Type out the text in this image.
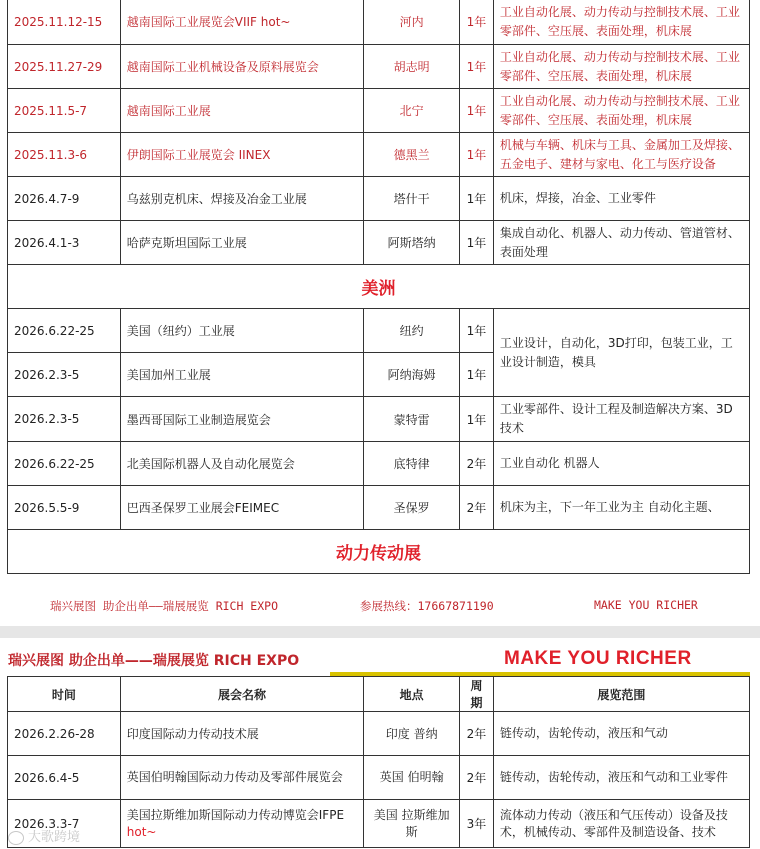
2025.11.12-15	越南国际工业展览会VIIF hot~	河内	1年	工业自动化展、动力传动与控制技术展、工业零部件、空压展、表面处理，机床展
2025.11.27-29	越南国际工业机械设备及原料展览会	胡志明	1年	工业自动化展、动力传动与控制技术展、工业零部件、空压展、表面处理，机床展
2025.11.5-7	越南国际工业展	北宁	1年	工业自动化展、动力传动与控制技术展、工业零部件、空压展、表面处理，机床展
2025.11.3-6	伊朗国际工业展览会 IINEX	德黑兰	1年	机械与车辆、机床与工具、金属加工及焊接、五金电子、建材与家电、化工与医疗设备
2026.4.7-9	乌兹别克机床、焊接及冶金工业展	塔什干	1年	机床，焊接，冶金、工业零件
2026.4.1-3	哈萨克斯坦国际工业展	阿斯塔纳	1年	集成自动化、机器人、动力传动、管道管材、表面处理
美洲				
2026.6.22-25	美国（纽约）工业展	纽约	1年	工业设计，自动化，3D打印，包装工业，工业设计制造，模具
2026.2.3-5	美国加州工业展	阿纳海姆	1年	
2026.2.3-5	墨西哥国际工业制造展览会	蒙特雷	1年	工业零部件、设计工程及制造解决方案、3D技术
2026.6.22-25	北美国际机器人及自动化展览会	底特律	2年	工业自动化 机器人
2026.5.5-9	巴西圣保罗工业展会FEIMEC	圣保罗	2年	机床为主，下一年工业为主 自动化主题、
动力传动展				
瑞兴展图 助企出单——瑞展展览 RICH EXPO	参展热线：17667871190	MAKE YOU RICHER
瑞兴展图 助企出单——瑞展展览 RICH EXPO	MAKE YOU RICHER
时间	展会名称	地点	周期	展览范围
2026.2.26-28	印度国际动力传动技术展	印度 普纳	2年	链传动，齿轮传动，液压和气动
2026.6.4-5	英国伯明翰国际动力传动及零部件展览会	英国 伯明翰	2年	链传动，齿轮传动，液压和气动和工业零件
2026.3.3-7	美国拉斯维加斯国际动力传动博览会IFPE hot~	美国 拉斯维加斯	3年	流体动力传动（液压和气压传动）设备及技术，机械传动、零部件及制造设备、技术
大歌跨境
